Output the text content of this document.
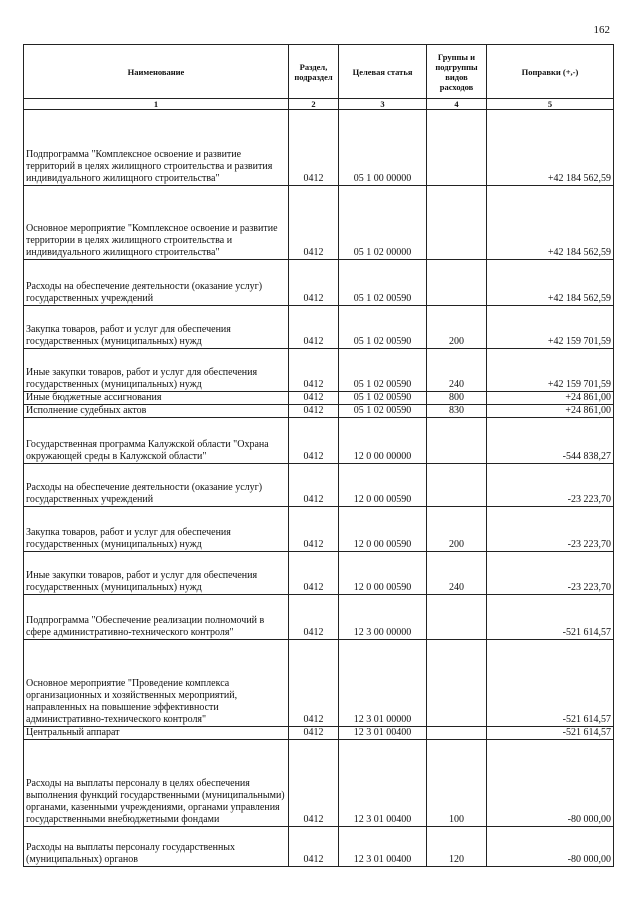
162
Наименование	Раздел, подраздел	Целевая статья	Группы и подгруппы видов расходов	Поправки (+,-)
1	2	3	4	5
Подпрограмма "Комплексное освоение и развитие территорий в целях жилищного строительства и развития индивидуального жилищного строительства"	0412	05 1 00 00000		+42 184 562,59
Основное мероприятие "Комплексное освоение и развитие территории в целях жилищного строительства и индивидуального жилищного строительства"	0412	05 1 02 00000		+42 184 562,59
Расходы на обеспечение деятельности (оказание услуг) государственных учреждений	0412	05 1 02 00590		+42 184 562,59
Закупка товаров, работ и услуг для обеспечения государственных (муниципальных) нужд	0412	05 1 02 00590	200	+42 159 701,59
Иные закупки товаров, работ и услуг для обеспечения государственных (муниципальных) нужд	0412	05 1 02 00590	240	+42 159 701,59
Иные бюджетные ассигнования	0412	05 1 02 00590	800	+24 861,00
Исполнение судебных актов	0412	05 1 02 00590	830	+24 861,00
Государственная программа Калужской области "Охрана окружающей среды в Калужской области"	0412	12 0 00 00000		-544 838,27
Расходы на обеспечение деятельности (оказание услуг) государственных учреждений	0412	12 0 00 00590		-23 223,70
Закупка товаров, работ и услуг для обеспечения государственных (муниципальных) нужд	0412	12 0 00 00590	200	-23 223,70
Иные закупки товаров, работ и услуг для обеспечения государственных (муниципальных) нужд	0412	12 0 00 00590	240	-23 223,70
Подпрограмма "Обеспечение реализации полномочий в сфере административно-технического контроля"	0412	12 3 00 00000		-521 614,57
Основное мероприятие "Проведение комплекса организационных и хозяйственных мероприятий, направленных на повышение эффективности административно-технического контроля"	0412	12 3 01 00000		-521 614,57
Центральный аппарат	0412	12 3 01 00400		-521 614,57
Расходы на выплаты персоналу в целях обеспечения выполнения функций государственными (муниципальными) органами, казенными учреждениями, органами управления государственными внебюджетными фондами	0412	12 3 01 00400	100	-80 000,00
Расходы на выплаты персоналу государственных (муниципальных) органов	0412	12 3 01 00400	120	-80 000,00
